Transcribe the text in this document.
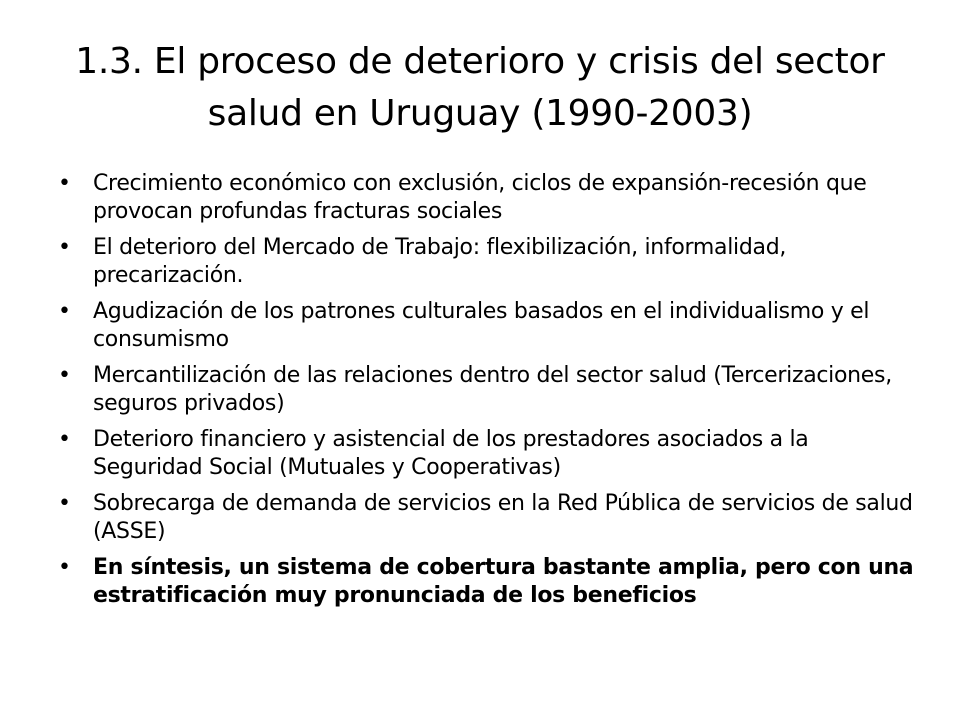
1.3. El proceso de deterioro y crisis del sector salud en Uruguay (1990-2003)
•	Crecimiento económico con exclusión, ciclos de expansión-recesión que provocan profundas fracturas sociales
•	El deterioro del Mercado de Trabajo: flexibilización, informalidad, precarización.
•	Agudización de los patrones culturales basados en el individualismo y el consumismo
•	Mercantilización de las relaciones dentro del sector salud (Tercerizaciones, seguros privados)
•	Deterioro financiero y asistencial de los prestadores asociados a la Seguridad Social (Mutuales y Cooperativas)
•	Sobrecarga de demanda de servicios en la Red Pública de servicios de salud (ASSE)
•	En síntesis, un sistema de cobertura bastante amplia, pero con una estratificación muy pronunciada de los beneficios
